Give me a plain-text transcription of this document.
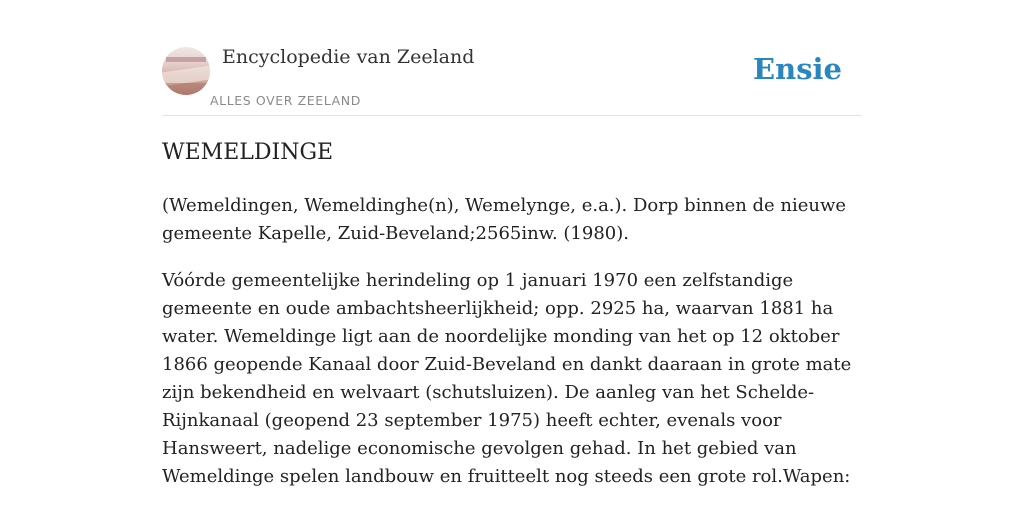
Encyclopedie van Zeeland
ALLES OVER ZEELAND
Ensie
WEMELDINGE

(Wemeldingen, Wemeldinghe(n), Wemelynge, e.a.). Dorp binnen de nieuwe gemeente Kapelle, Zuid-Beveland;2565inw. (1980).

Vóórde gemeentelijke herindeling op 1 januari 1970 een zelfstandige gemeente en oude ambachtsheerlijkheid; opp. 2925 ha, waarvan 1881 ha water. Wemeldinge ligt aan de noordelijke monding van het op 12 oktober 1866 geopende Kanaal door Zuid-Beveland en dankt daaraan in grote mate zijn bekendheid en welvaart (schutsluizen). De aanleg van het Schelde-Rijnkanaal (geopend 23 september 1975) heeft echter, evenals voor Hansweert, nadelige economische gevolgen gehad. In het gebied van Wemeldinge spelen landbouw en fruitteelt nog steeds een grote rol.Wapen:
